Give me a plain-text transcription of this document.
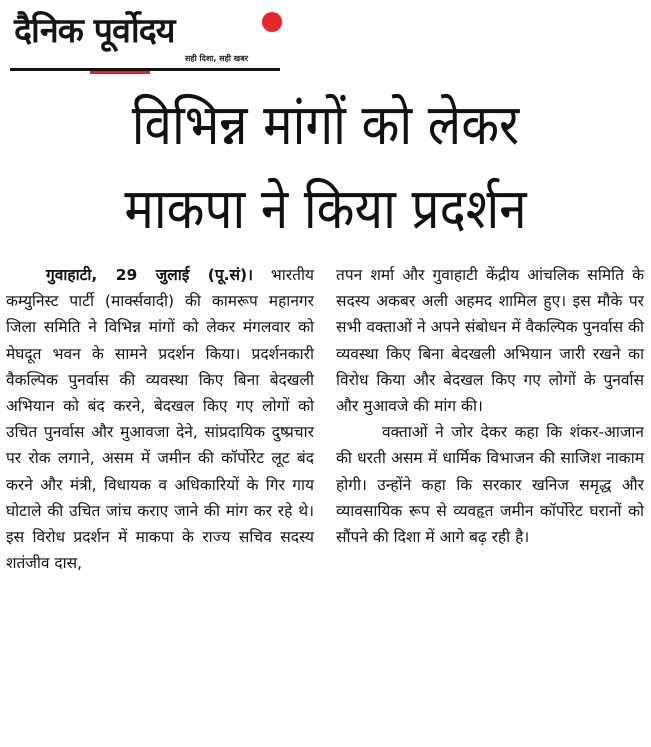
दैनिक पूर्वोदय
सही दिशा, सही खबर
विभिन्न मांगों को लेकर
माकपा ने किया प्रदर्शन

गुवाहाटी, 29 जुलाई (पू.सं)। भारतीय कम्युनिस्ट पार्टी (मार्क्सवादी) की कामरूप महानगर जिला समिति ने विभिन्न मांगों को लेकर मंगलवार को मेघदूत भवन के सामने प्रदर्शन किया। प्रदर्शनकारी वैकल्पिक पुनर्वास की व्यवस्था किए बिना बेदखली अभियान को बंद करने, बेदखल किए गए लोगों को उचित पुनर्वास और मुआवजा देने, सांप्रदायिक दुष्प्रचार पर रोक लगाने, असम में जमीन की कॉर्पोरेट लूट बंद करने और मंत्री, विधायक व अधिकारियों के गिर गाय घोटाले की उचित जांच कराए जाने की मांग कर रहे थे। इस विरोध प्रदर्शन में माकपा के राज्य सचिव सदस्य शतंजीव दास,

तपन शर्मा और गुवाहाटी केंद्रीय आंचलिक समिति के सदस्य अकबर अली अहमद शामिल हुए। इस मौके पर सभी वक्ताओं ने अपने संबोधन में वैकल्पिक पुनर्वास की व्यवस्था किए बिना बेदखली अभियान जारी रखने का विरोध किया और बेदखल किए गए लोगों के पुनर्वास और मुआवजे की मांग की।

वक्ताओं ने जोर देकर कहा कि शंकर-आजान की धरती असम में धार्मिक विभाजन की साजिश नाकाम होगी। उन्होंने कहा कि सरकार खनिज समृद्ध और व्यावसायिक रूप से व्यवहृत जमीन कॉर्पोरेट घरानों को सौंपने की दिशा में आगे बढ़ रही है।
